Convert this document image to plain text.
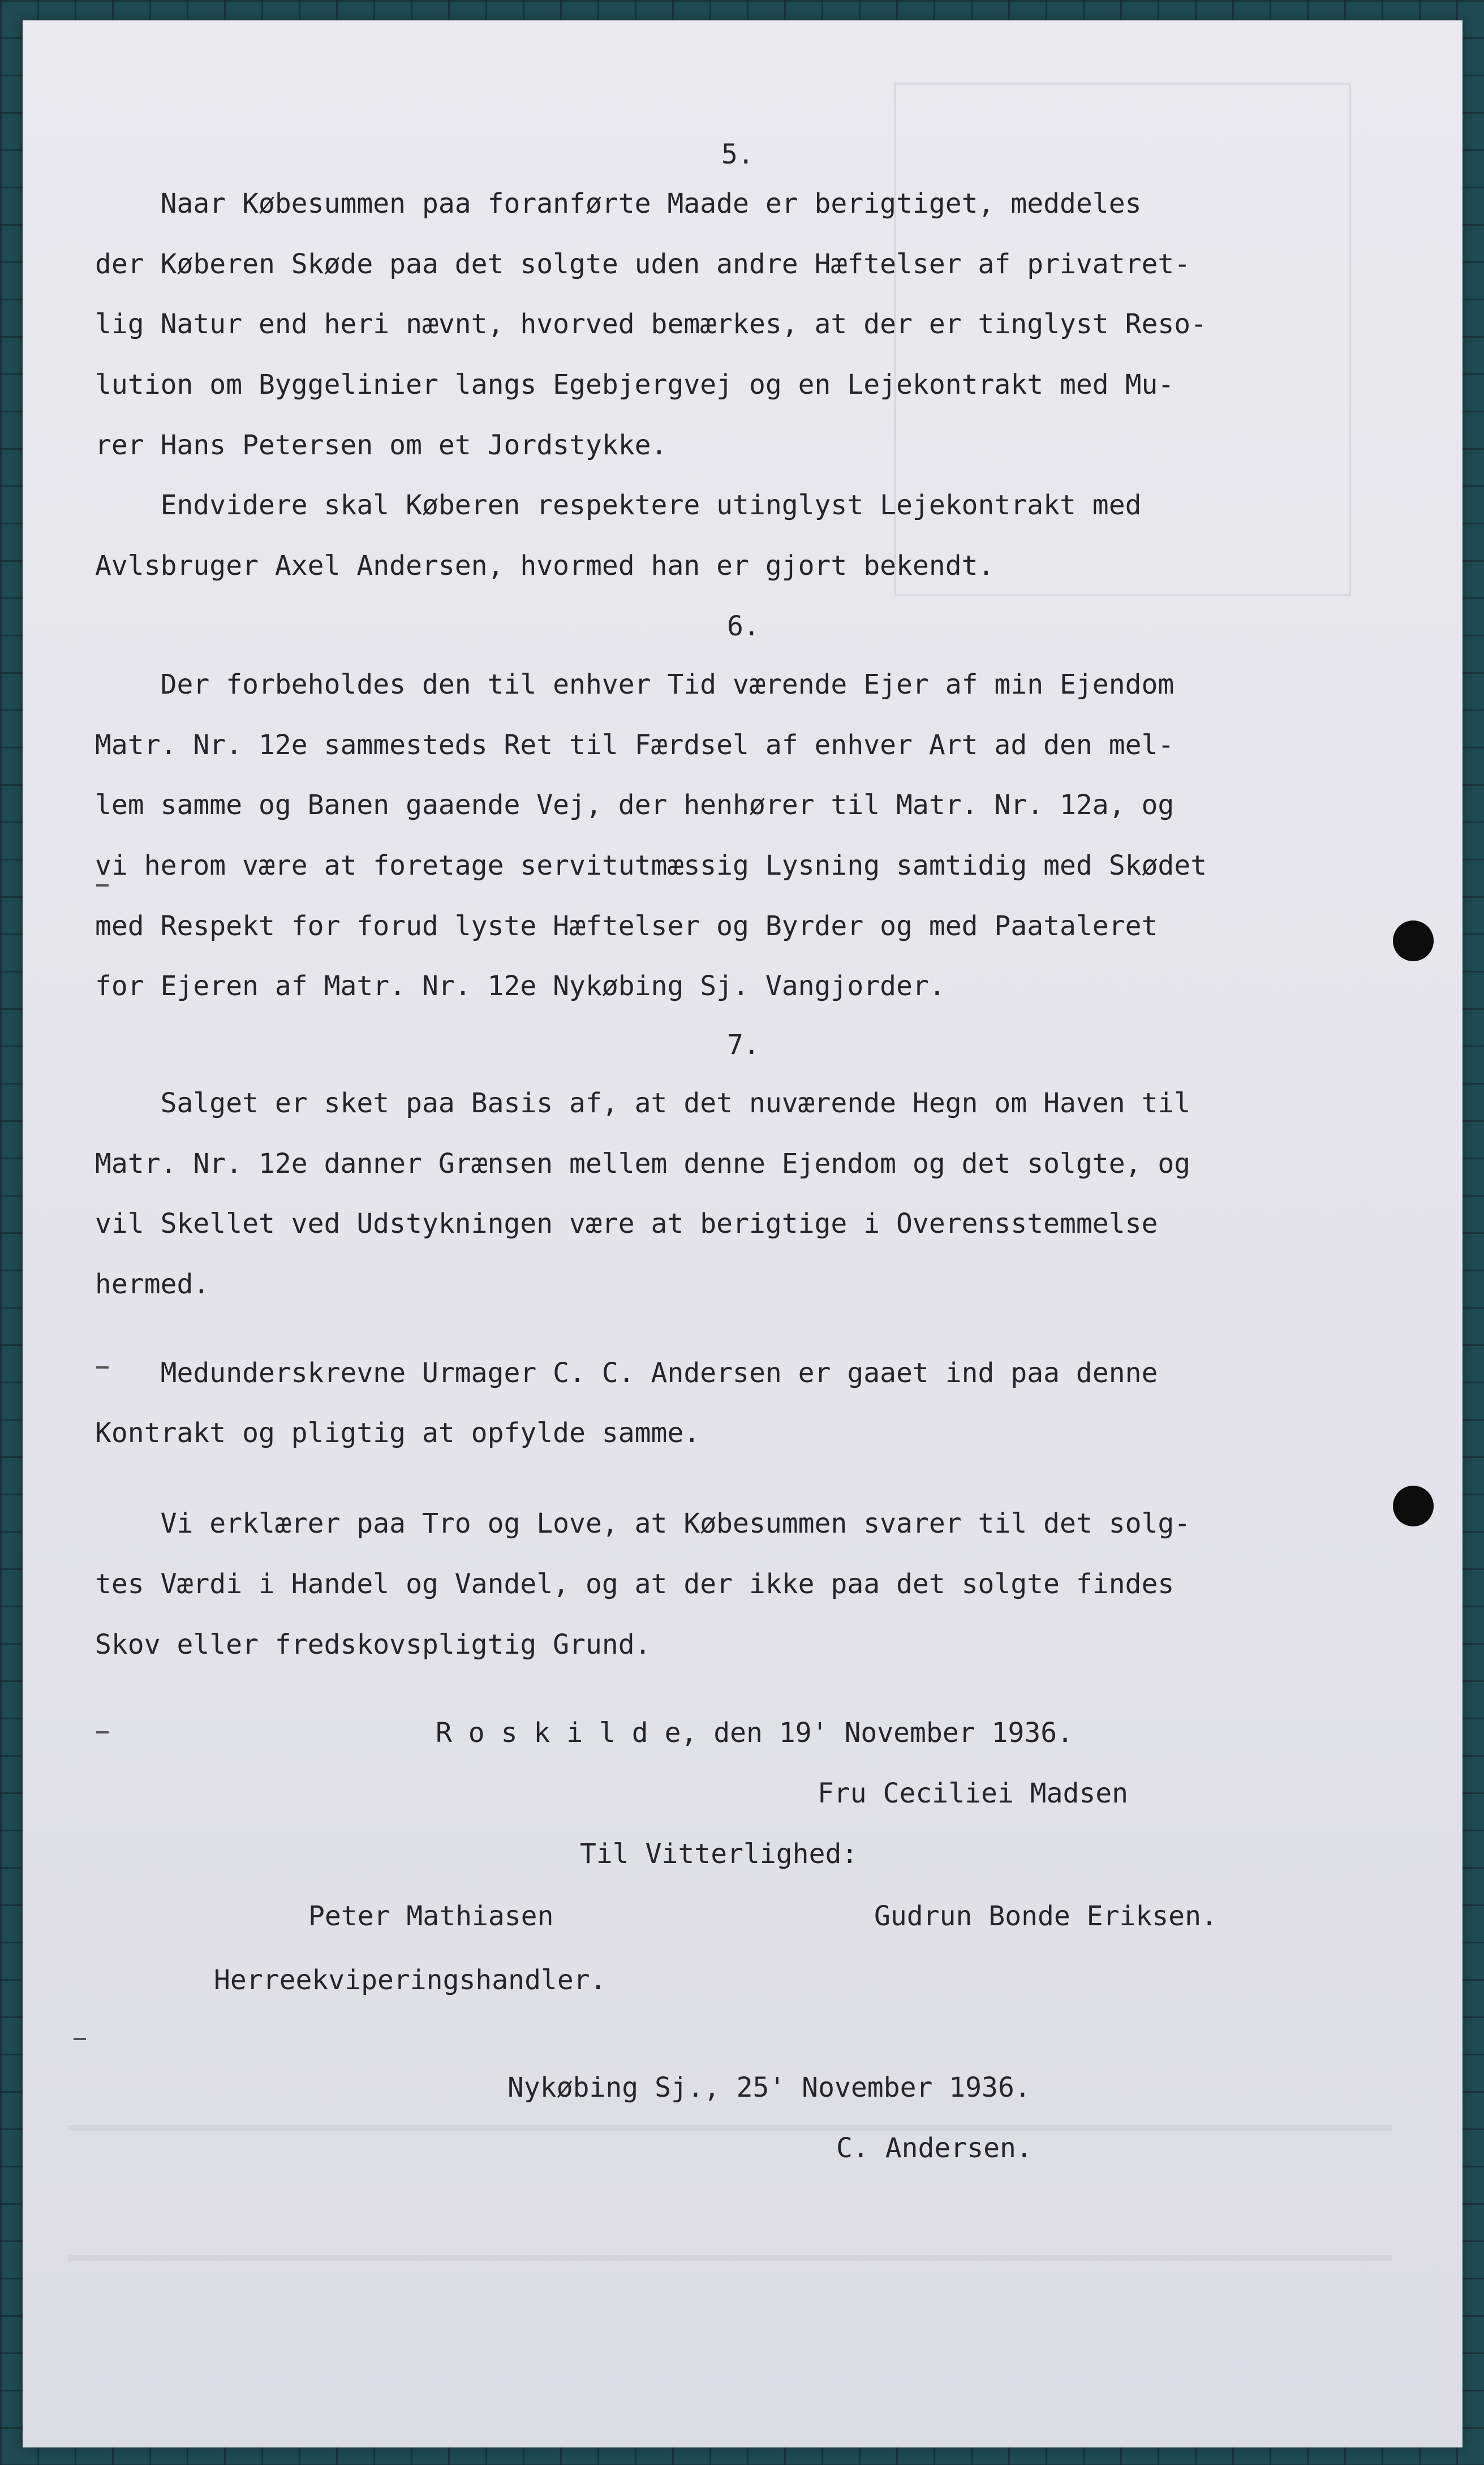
5.

Naar Købesummen paa foranførte Maade er berigtiget, meddeles

der Køberen Skøde paa det solgte uden andre Hæftelser af privatret-

lig Natur end heri nævnt, hvorved bemærkes, at der er tinglyst Reso-

lution om Byggelinier langs Egebjergvej og en Lejekontrakt med Mu-

rer Hans Petersen om et Jordstykke.

Endvidere skal Køberen respektere utinglyst Lejekontrakt med

Avlsbruger Axel Andersen, hvormed han er gjort bekendt.

6.

Der forbeholdes den til enhver Tid værende Ejer af min Ejendom

Matr. Nr. 12e sammesteds Ret til Færdsel af enhver Art ad den mel-

lem samme og Banen gaaende Vej, der henhører til Matr. Nr. 12a, og

vi herom være at foretage servitutmæssig Lysning samtidig med Skødet

med Respekt for forud lyste Hæftelser og Byrder og med Paataleret

for Ejeren af Matr. Nr. 12e Nykøbing Sj. Vangjorder.

7.

Salget er sket paa Basis af, at det nuværende Hegn om Haven til

Matr. Nr. 12e danner Grænsen mellem denne Ejendom og det solgte, og

vil Skellet ved Udstykningen være at berigtige i Overensstemmelse

hermed.

Medunderskrevne Urmager C. C. Andersen er gaaet ind paa denne

Kontrakt og pligtig at opfylde samme.

Vi erklærer paa Tro og Love, at Købesummen svarer til det solg-

tes Værdi i Handel og Vandel, og at der ikke paa det solgte findes

Skov eller fredskovspligtig Grund.

R o s k i l d e, den 19' November 1936.

Fru Ceciliei Madsen

Til Vitterlighed:

Peter Mathiasen	Gudrun Bonde Eriksen.

Herreekviperingshandler.

Nykøbing Sj., 25' November 1936.

C. Andersen.
